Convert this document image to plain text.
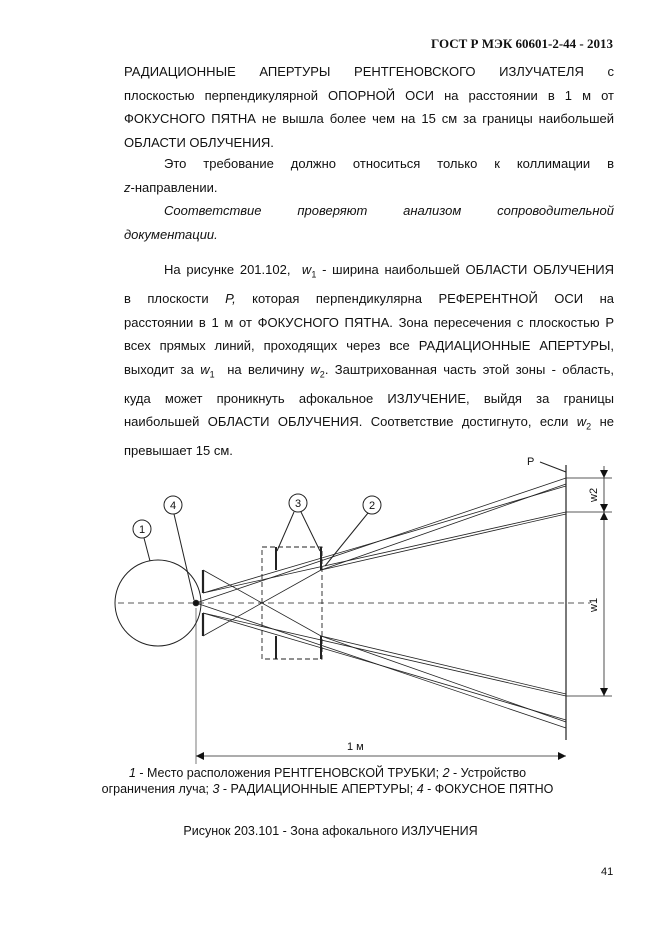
ГОСТ Р МЭК 60601-2-44 - 2013
РАДИАЦИОННЫЕ АПЕРТУРЫ РЕНТГЕНОВСКОГО ИЗЛУЧАТЕЛЯ с
плоскостью перпендикулярной ОПОРНОЙ ОСИ на расстоянии в 1 м от
ФОКУСНОГО ПЯТНА не вышла более чем на 15 см за границы наибольшей
ОБЛАСТИ ОБЛУЧЕНИЯ.
Это требование должно относиться только к коллимации в
z-направлении.
Соответствие проверяют анализом сопроводительной
документации.
На рисунке 201.102, $w_1$ - ширина наибольшей ОБЛАСТИ ОБЛУЧЕНИЯ
в плоскости P, которая перпендикулярна РЕФЕРЕНТНОЙ ОСИ на
расстоянии в 1 м от ФОКУСНОГО ПЯТНА. Зона пересечения с плоскостью Р
всех прямых линий, проходящих через все РАДИАЦИОННЫЕ АПЕРТУРЫ,
выходит за $w_1$ на величину $w_2$. Заштрихованная часть этой зоны - область,
куда может проникнуть афокальное ИЗЛУЧЕНИЕ, выйдя за границы
наибольшей ОБЛАСТИ ОБЛУЧЕНИЯ. Соответствие достигнуто, если $w_2$ не
превышает 15 см.
1
4	3	2
P
w2
w1
1 м
1 - Место расположения РЕНТГЕНОВСКОЙ ТРУБКИ; 2 - Устройство
ограничения луча; 3 - РАДИАЦИОННЫЕ АПЕРТУРЫ; 4 - ФОКУСНОЕ ПЯТНО
Рисунок 203.101 - Зона афокального ИЗЛУЧЕНИЯ
41
